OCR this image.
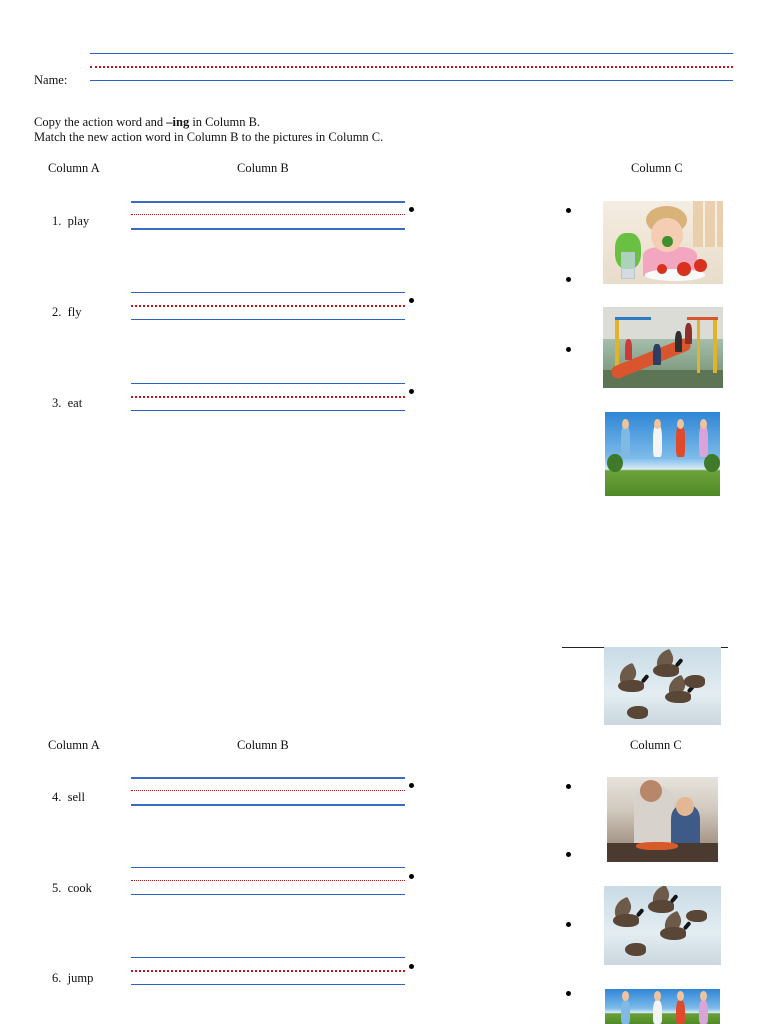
Name:
Copy the action word and –ing in Column B.
Match the new action word in Column B to the pictures in Column C.
Column A	Column B	Column C
1. play
2. fly
3. eat
Column A	Column B	Column C
4. sell
5. cook
6. jump
